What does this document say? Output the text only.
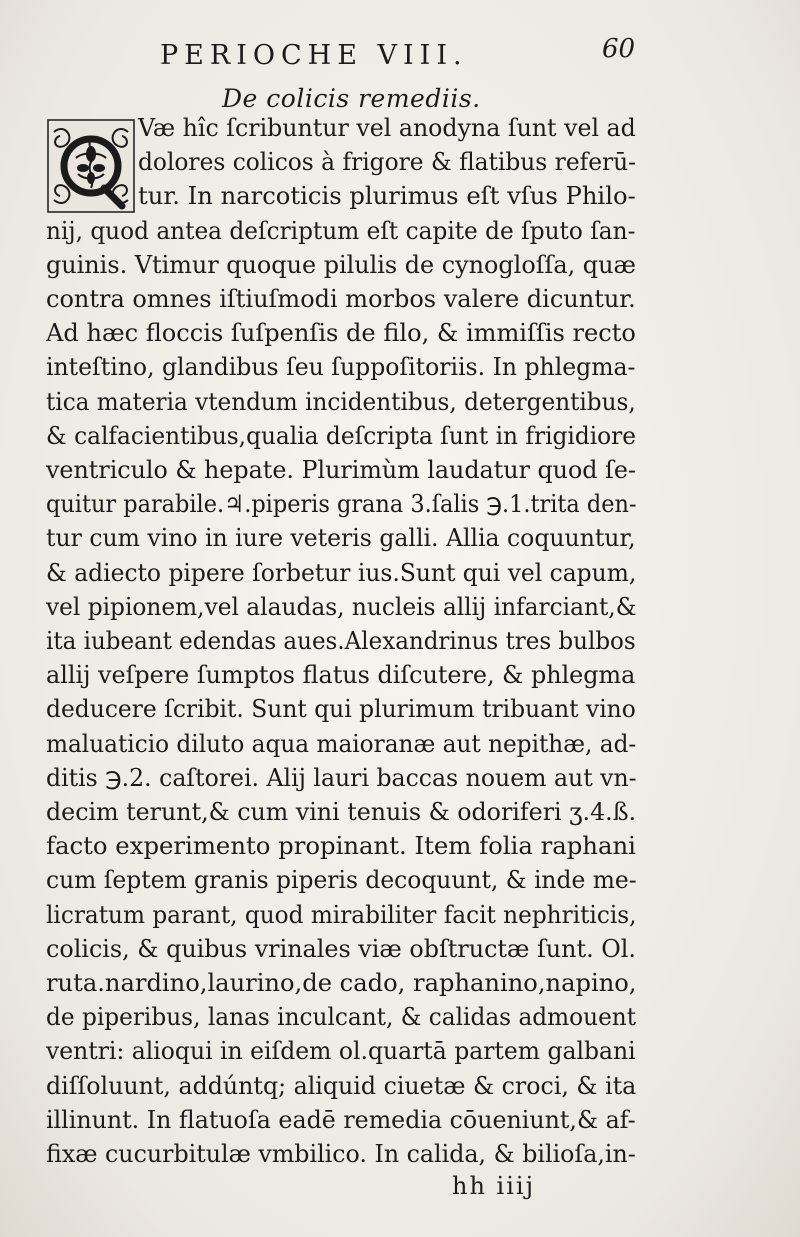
PERIOCHE VIII.	60
De colicis remediis.
Væ hîc ſcribuntur vel anodyna ſunt vel ad
dolores colicos à frigore & flatibus referū-
tur. In narcoticis plurimus eſt vſus Philo-
nij, quod antea deſcriptum eſt capite de ſputo ſan-
guinis. Vtimur quoque pilulis de cynogloſſa, quæ
contra omnes iſtiuſmodi morbos valere dicuntur.
Ad hæc floccis ſuſpenſis de filo, & immiſſis recto
inteſtino, glandibus ſeu ſuppoſitoriis. In phlegma-
tica materia vtendum incidentibus, detergentibus,
& calfacientibus,qualia deſcripta ſunt in frigidiore
ventriculo & hepate. Plurimùm laudatur quod ſe-
quitur parabile.♃.piperis grana 3.ſalis ℈.1.trita den-
tur cum vino in iure veteris galli. Allia coquuntur,
& adiecto pipere ſorbetur ius.Sunt qui vel capum,
vel pipionem,vel alaudas, nucleis allij infarciant,&
ita iubeant edendas aues.Alexandrinus tres bulbos
allij veſpere ſumptos flatus diſcutere, & phlegma
deducere ſcribit. Sunt qui plurimum tribuant vino
maluaticio diluto aqua maioranæ aut nepithæ, ad-
ditis ℈.2. caſtorei. Alij lauri baccas nouem aut vn-
decim terunt,& cum vini tenuis & odoriferi ʒ.4.ß.
facto experimento propinant. Item folia raphani
cum ſeptem granis piperis decoquunt, & inde me-
licratum parant, quod mirabiliter facit nephriticis,
colicis, & quibus vrinales viæ obſtructæ ſunt. Ol.
ruta.nardino,laurino,de cado, raphanino,napino,
de piperibus, lanas inculcant, & calidas admouent
ventri: alioqui in eiſdem ol.quartā partem galbani
diſſoluunt, addúntq; aliquid ciuetæ & croci, & ita
illinunt. In flatuoſa eadē remedia cōueniunt,& af-
fixæ cucurbitulæ vmbilico. In calida, & bilioſa,in-
hh iiij
